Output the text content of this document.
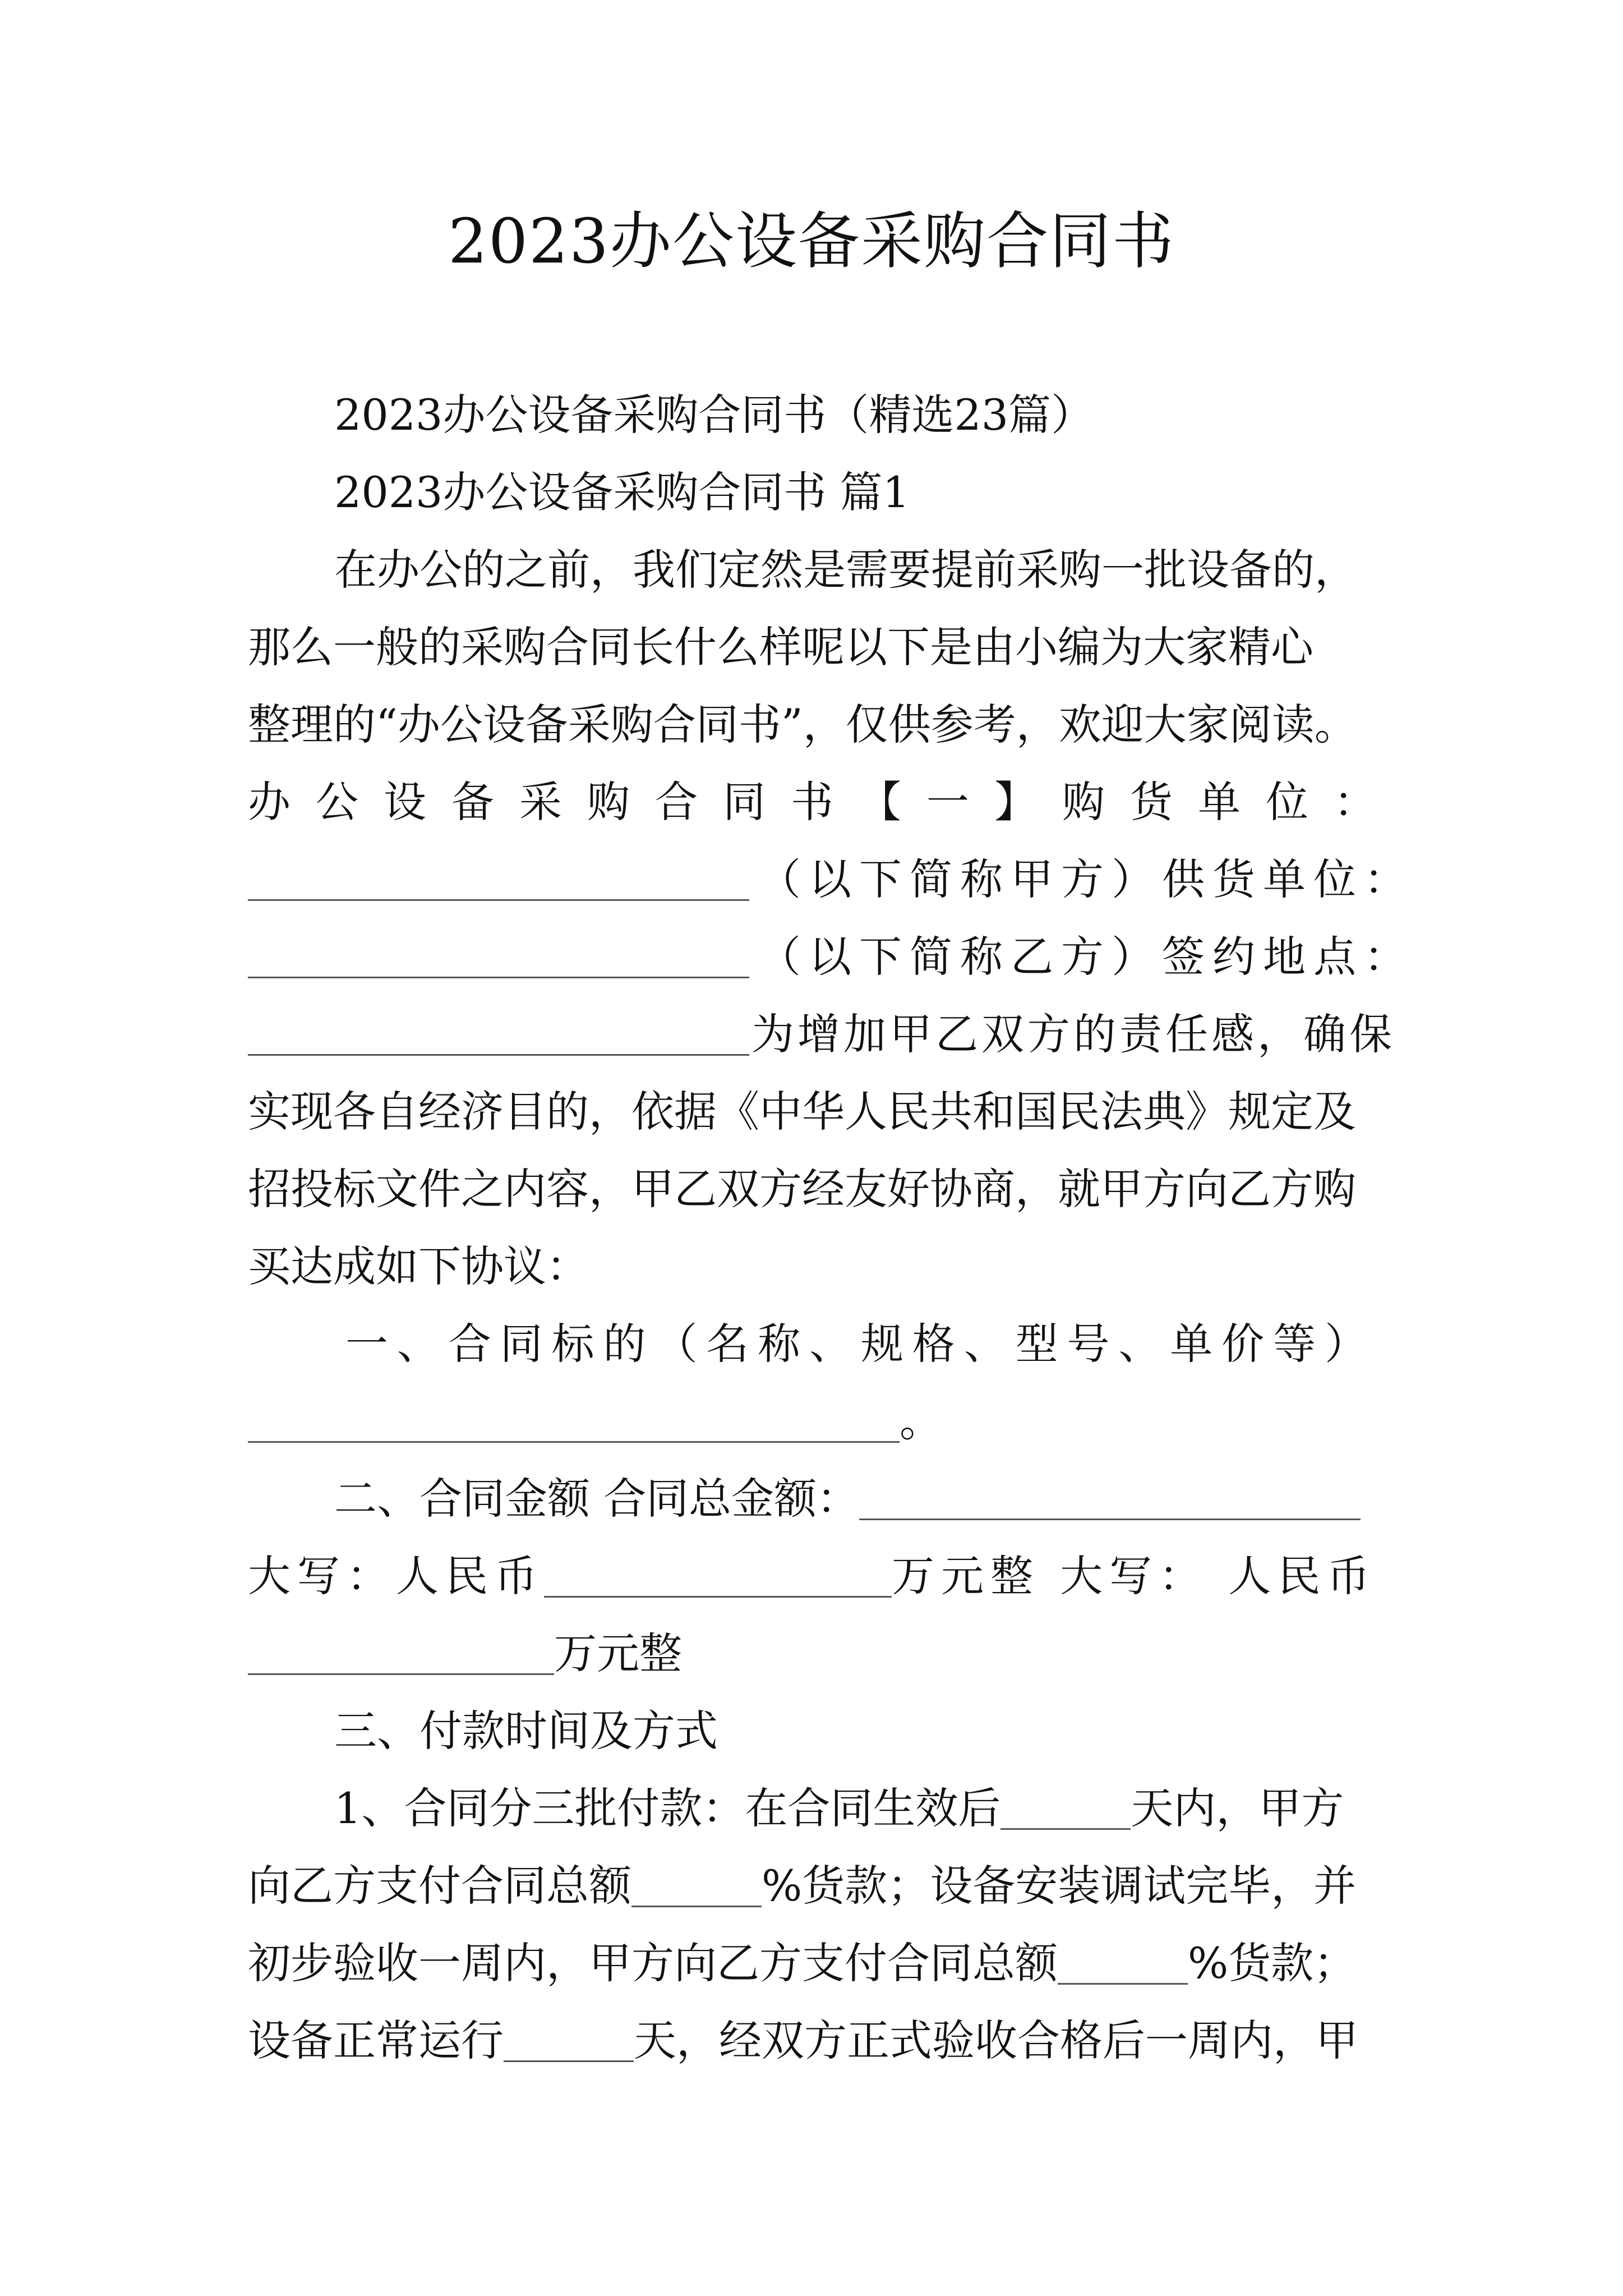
2023办公设备采购合同书
2023办公设备采购合同书（精选23篇）
2023办公设备采购合同书 篇1
在办公的之前，我们定然是需要提前采购一批设备的，
那么一般的采购合同长什么样呢以下是由小编为大家精心
整理的“办公设备采购合同书”，仅供参考，欢迎大家阅读。
办 公 设 备 采 购 合 同 书 【 一 】 购 货 单 位 ：
（以下简称甲方）供货单位：
（以下简称乙方）签约地点：
为增加甲乙双方的责任感，确保
实现各自经济目的，依据《中华人民共和国民法典》规定及
招投标文件之内容，甲乙双方经友好协商，就甲方向乙方购
买达成如下协议：
一 、 合 同 标 的 （ 名 称 、 规 格 、 型 号 、 单 价 等 ）
。
二、合同金额 合同总金额：
大写：人民币	万元整 大写： 人民币
万元整
三、付款时间及方式
1、合同分三批付款：在合同生效后	天内，甲方
向乙方支付合同总额	%货款；设备安装调试完毕，并
初步验收一周内，甲方向乙方支付合同总额	%货款；
设备正常运行	天，经双方正式验收合格后一周内，甲
